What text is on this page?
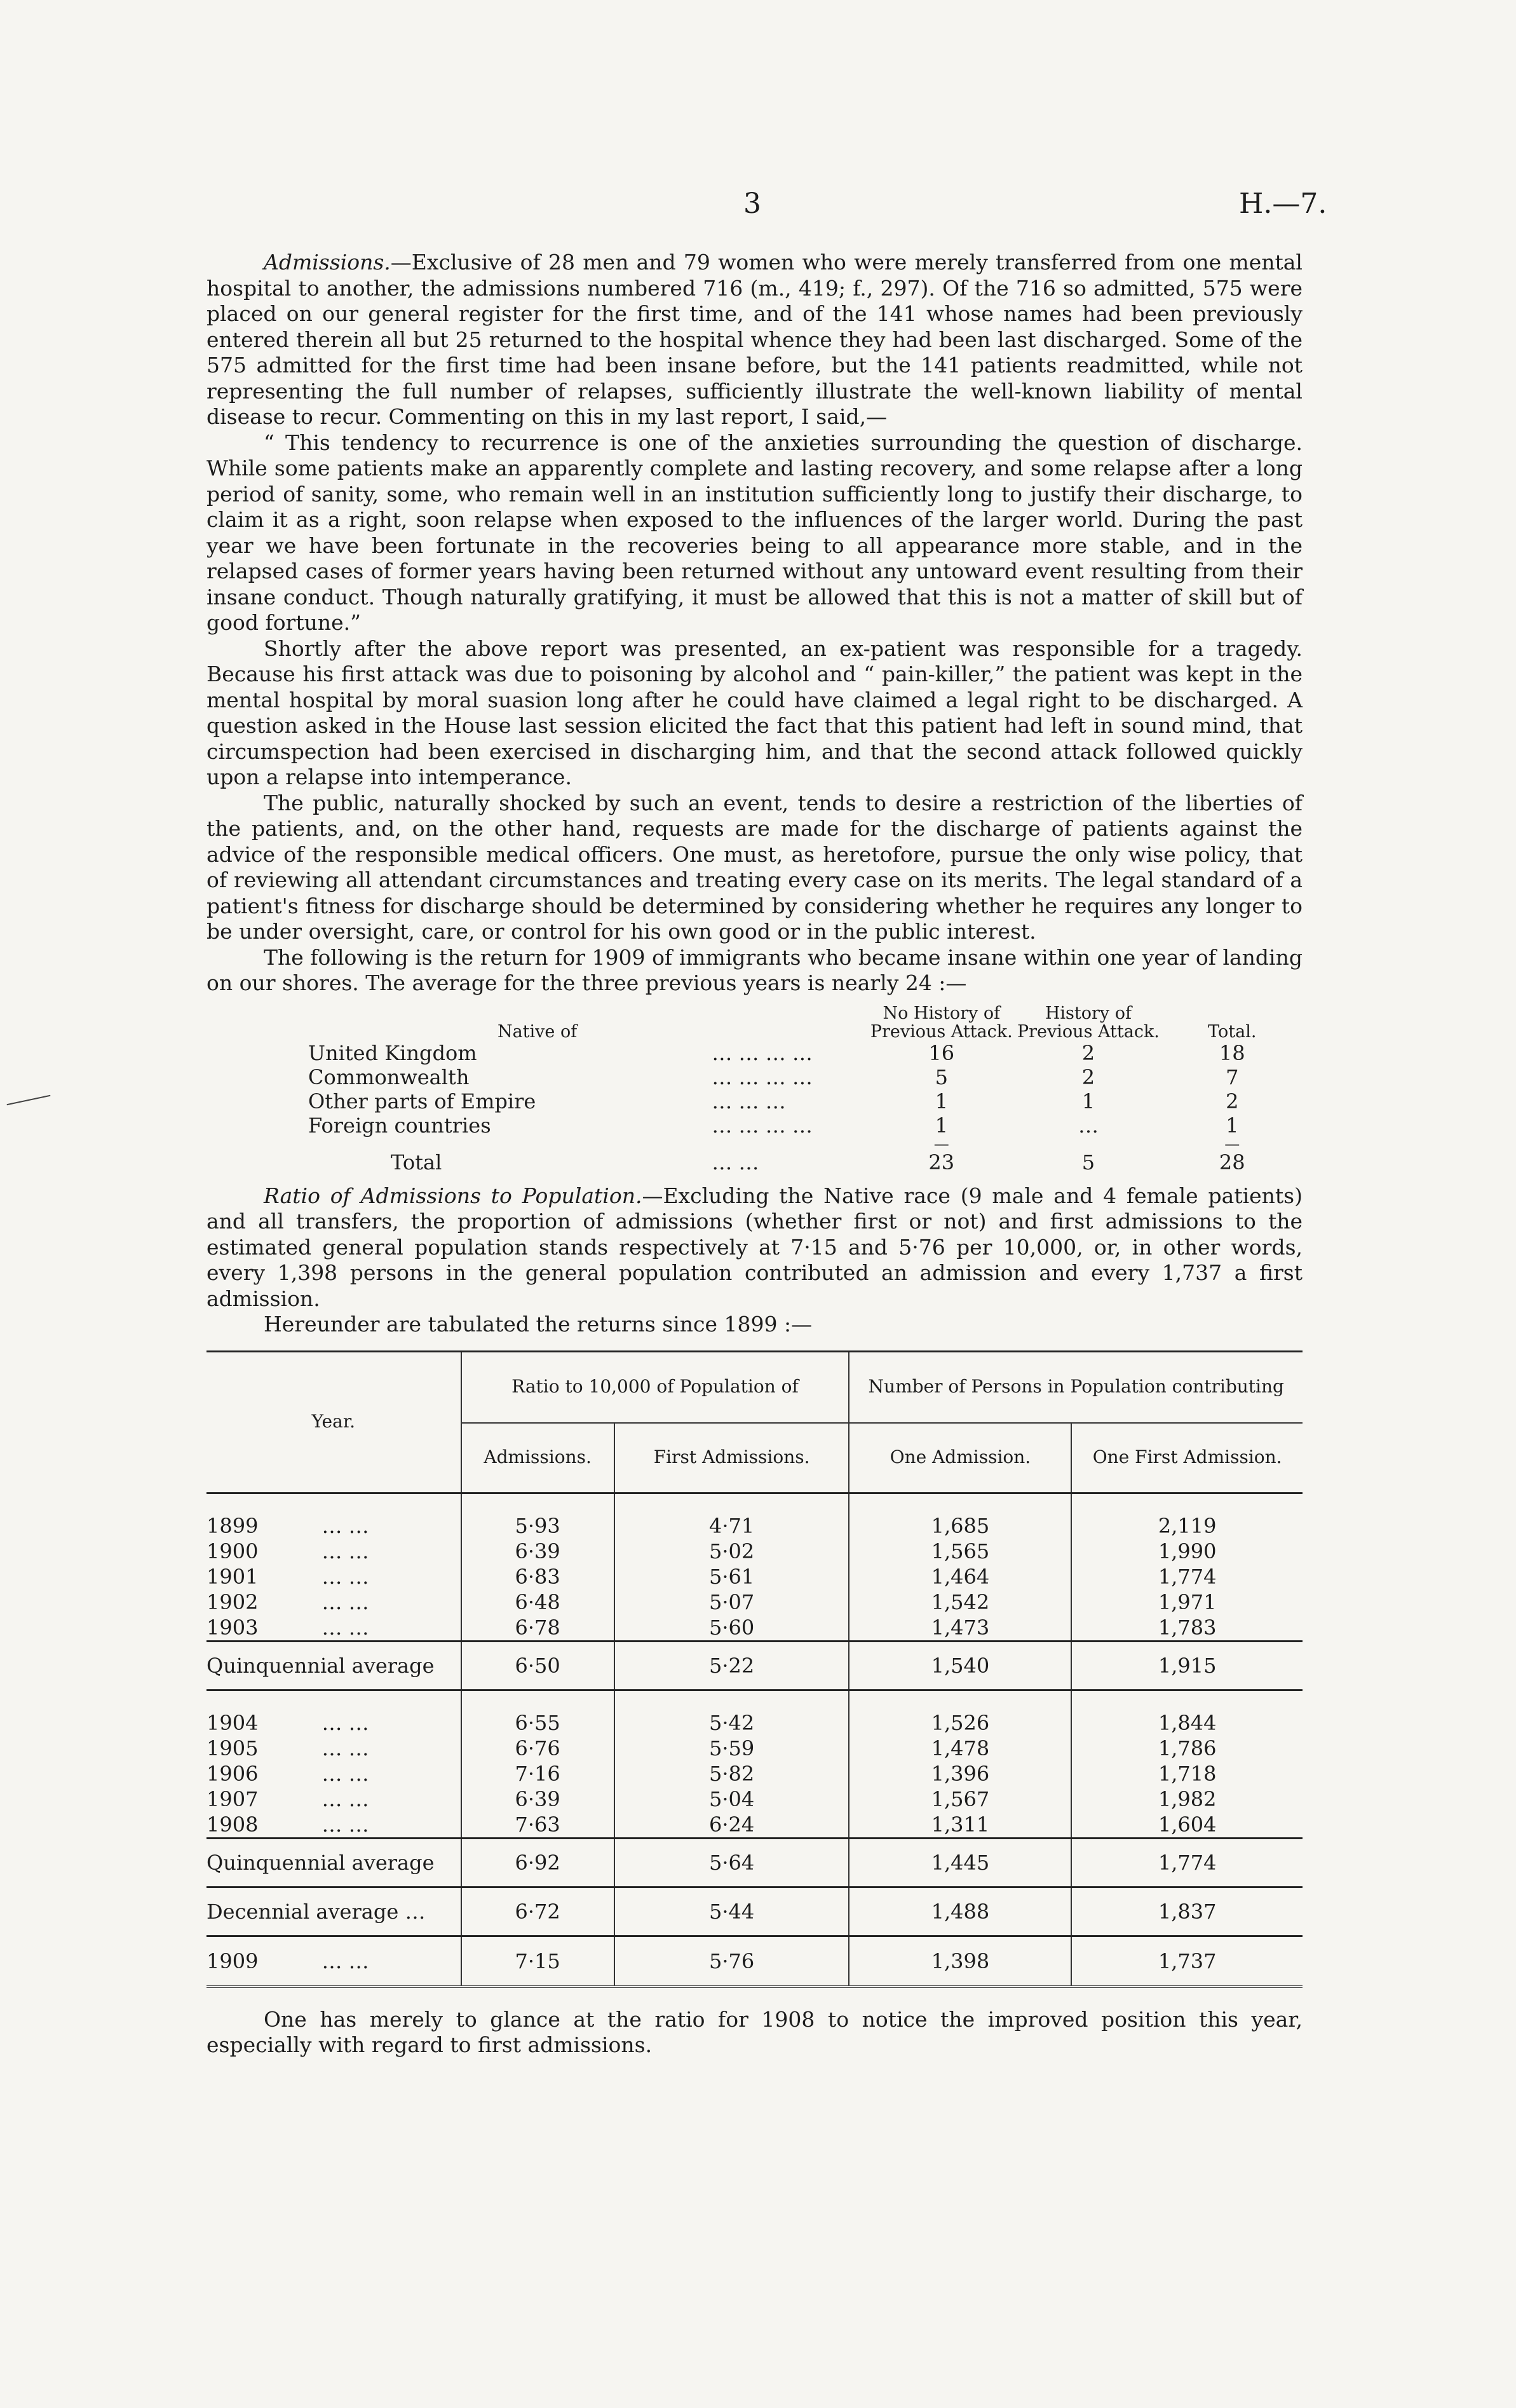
3	H.—7.

Admissions.—Exclusive of 28 men and 79 women who were merely transferred from one mental hospital to another, the admissions numbered 716 (m., 419; f., 297). Of the 716 so admitted, 575 were placed on our general register for the first time, and of the 141 whose names had been previously entered therein all but 25 returned to the hospital whence they had been last discharged. Some of the 575 admitted for the first time had been insane before, but the 141 patients readmitted, while not representing the full number of relapses, sufficiently illustrate the well-known liability of mental disease to recur. Commenting on this in my last report, I said,—

“ This tendency to recurrence is one of the anxieties surrounding the question of discharge. While some patients make an apparently complete and lasting recovery, and some relapse after a long period of sanity, some, who remain well in an institution sufficiently long to justify their discharge, to claim it as a right, soon relapse when exposed to the influences of the larger world. During the past year we have been fortunate in the recoveries being to all appearance more stable, and in the relapsed cases of former years having been returned without any untoward event resulting from their insane conduct. Though naturally gratifying, it must be allowed that this is not a matter of skill but of good fortune.”

Shortly after the above report was presented, an ex-patient was responsible for a tragedy. Because his first attack was due to poisoning by alcohol and “ pain-killer,” the patient was kept in the mental hospital by moral suasion long after he could have claimed a legal right to be discharged. A question asked in the House last session elicited the fact that this patient had left in sound mind, that circumspection had been exercised in discharging him, and that the second attack followed quickly upon a relapse into intemperance.

The public, naturally shocked by such an event, tends to desire a restriction of the liberties of the patients, and, on the other hand, requests are made for the discharge of patients against the advice of the responsible medical officers. One must, as heretofore, pursue the only wise policy, that of reviewing all attendant circumstances and treating every case on its merits. The legal standard of a patient's fitness for discharge should be determined by considering whether he requires any longer to be under oversight, care, or control for his own good or in the public interest.

The following is the return for 1909 of immigrants who became insane within one year of landing on our shores. The average for the three previous years is nearly 24 :—

Native of		No History of Previous Attack.	History of Previous Attack.	Total.
United Kingdom	… … … …	16	2	18
Commonwealth	… … … …	5	2	7
Other parts of Empire	… … …	1	1	2
Foreign countries	… … … …	1	…	1
		—		—
Total	… …	23	5	28

Ratio of Admissions to Population.—Excluding the Native race (9 male and 4 female patients) and all transfers, the proportion of admissions (whether first or not) and first admissions to the estimated general population stands respectively at 7·15 and 5·76 per 10,000, or, in other words, every 1,398 persons in the general population contributed an admission and every 1,737 a first admission.

Hereunder are tabulated the returns since 1899 :—

Year.	Ratio to 10,000 of Population of		Number of Persons in Population contributing	
	Admissions.	First Admissions.	One Admission.	One First Admission.

1899 … …	5·93	4·71	1,685	2,119
1900 … …	6·39	5·02	1,565	1,990
1901 … …	6·83	5·61	1,464	1,774
1902 … …	6·48	5·07	1,542	1,971
1903 … …	6·78	5·60	1,473	1,783
Quinquennial average	6·50	5·22	1,540	1,915

1904 … …	6·55	5·42	1,526	1,844
1905 … …	6·76	5·59	1,478	1,786
1906 … …	7·16	5·82	1,396	1,718
1907 … …	6·39	5·04	1,567	1,982
1908 … …	7·63	6·24	1,311	1,604
Quinquennial average	6·92	5·64	1,445	1,774
Decennial average …	6·72	5·44	1,488	1,837
1909 … …	7·15	5·76	1,398	1,737

One has merely to glance at the ratio for 1908 to notice the improved position this year, especially with regard to first admissions.
